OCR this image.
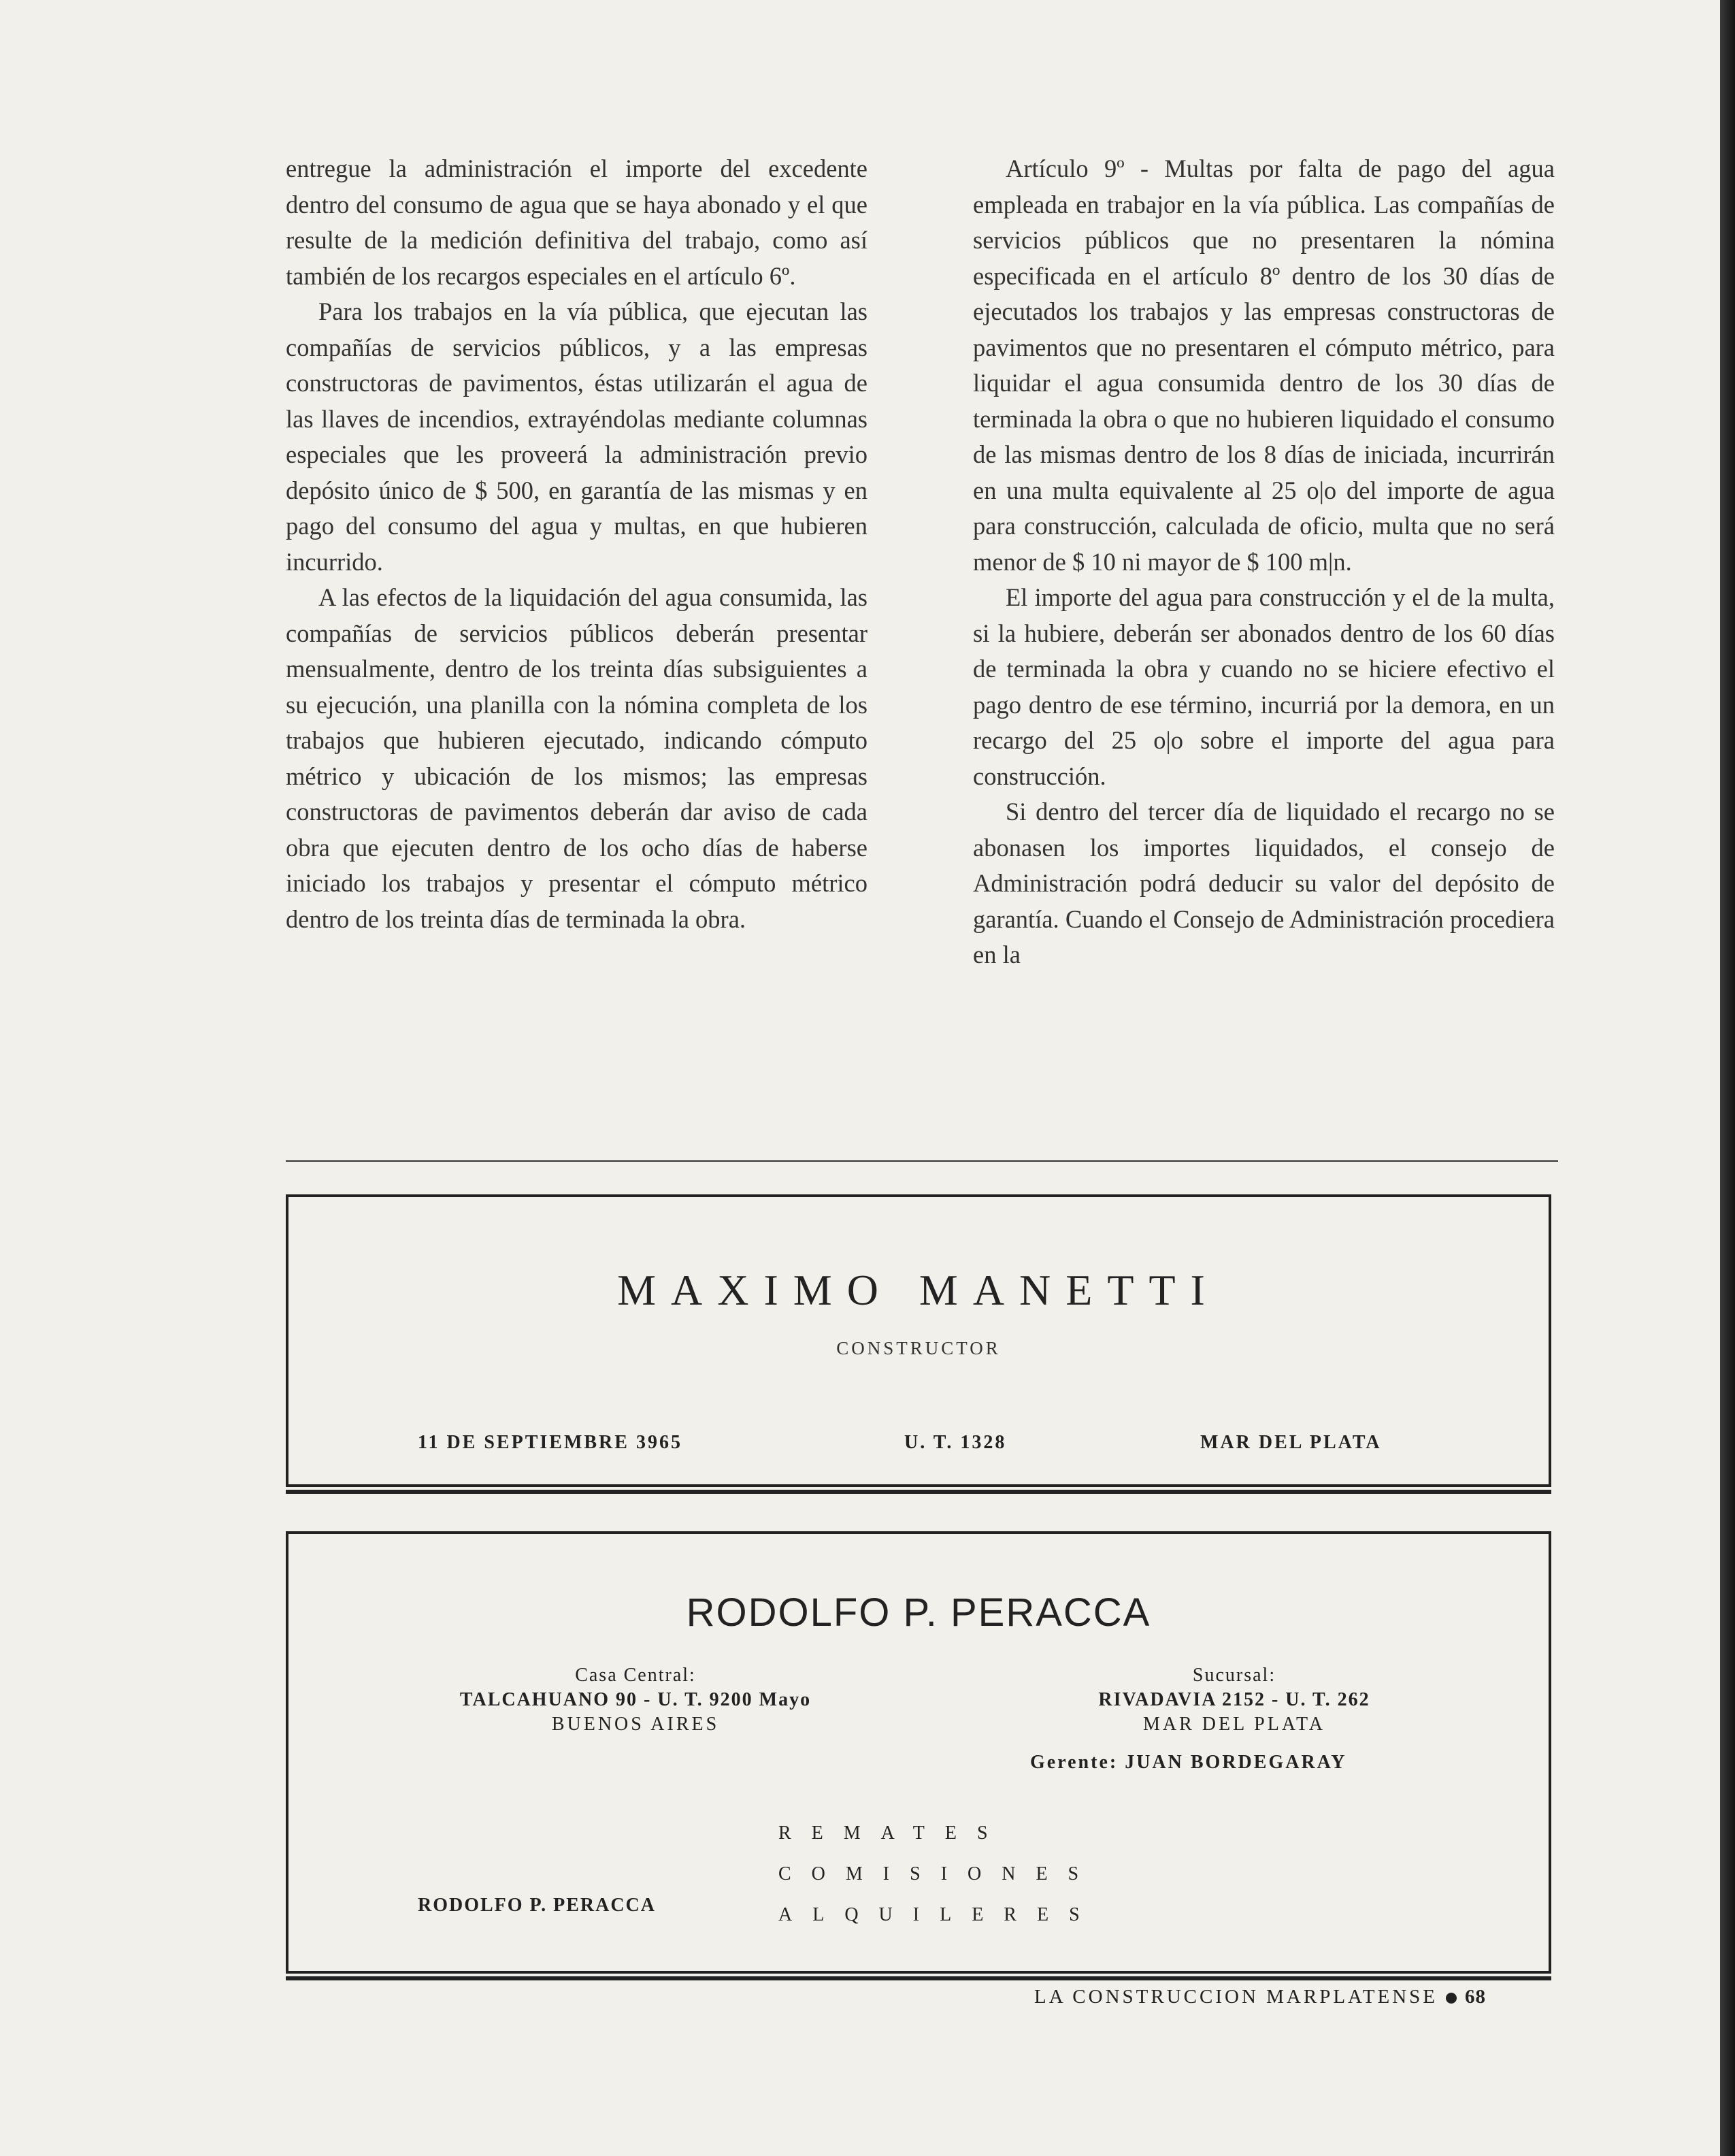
entregue la administración el importe del excedente dentro del consumo de agua que se haya abonado y el que resulte de la medición definitiva del trabajo, como así también de los recargos especiales en el artículo 6º.

Para los trabajos en la vía pública, que ejecutan las compañías de servicios públicos, y a las empresas constructoras de pavimentos, éstas utilizarán el agua de las llaves de incendios, extrayéndolas mediante columnas especiales que les proveerá la administración previo depósito único de $ 500, en garantía de las mismas y en pago del consumo del agua y multas, en que hubieren incurrido.

A las efectos de la liquidación del agua consumida, las compañías de servicios públicos deberán presentar mensualmente, dentro de los treinta días subsiguientes a su ejecución, una planilla con la nómina completa de los trabajos que hubieren ejecutado, indicando cómputo métrico y ubicación de los mismos; las empresas constructoras de pavimentos deberán dar aviso de cada obra que ejecuten dentro de los ocho días de haberse iniciado los trabajos y presentar el cómputo métrico dentro de los treinta días de terminada la obra.

Artículo 9º - Multas por falta de pago del agua empleada en trabajor en la vía pública. Las compañías de servicios públicos que no presentaren la nómina especificada en el artículo 8º dentro de los 30 días de ejecutados los trabajos y las empresas constructoras de pavimentos que no presentaren el cómputo métrico, para liquidar el agua consumida dentro de los 30 días de terminada la obra o que no hubieren liquidado el consumo de las mismas dentro de los 8 días de iniciada, incurrirán en una multa equivalente al 25 o|o del importe de agua para construcción, calculada de oficio, multa que no será menor de $ 10 ni mayor de $ 100 m|n.

El importe del agua para construcción y el de la multa, si la hubiere, deberán ser abonados dentro de los 60 días de terminada la obra y cuando no se hiciere efectivo el pago dentro de ese término, incurriá por la demora, en un recargo del 25 o|o sobre el importe del agua para construcción.

Si dentro del tercer día de liquidado el recargo no se abonasen los importes liquidados, el consejo de Administración podrá deducir su valor del depósito de garantía. Cuando el Consejo de Administración procediera en la

MAXIMO MANETTI
CONSTRUCTOR
11 DE SEPTIEMBRE 3965	U. T. 1328	MAR DEL PLATA
RODOLFO P. PERACCA
Casa Central:
TALCAHUANO 90 - U. T. 9200 Mayo
BUENOS AIRES
Sucursal:
RIVADAVIA 2152 - U. T. 262
MAR DEL PLATA
Gerente: JUAN BORDEGARAY
REMATES
COMISIONES
ALQUILERES
RODOLFO P. PERACCA
LA CONSTRUCCION MARPLATENSE 68
